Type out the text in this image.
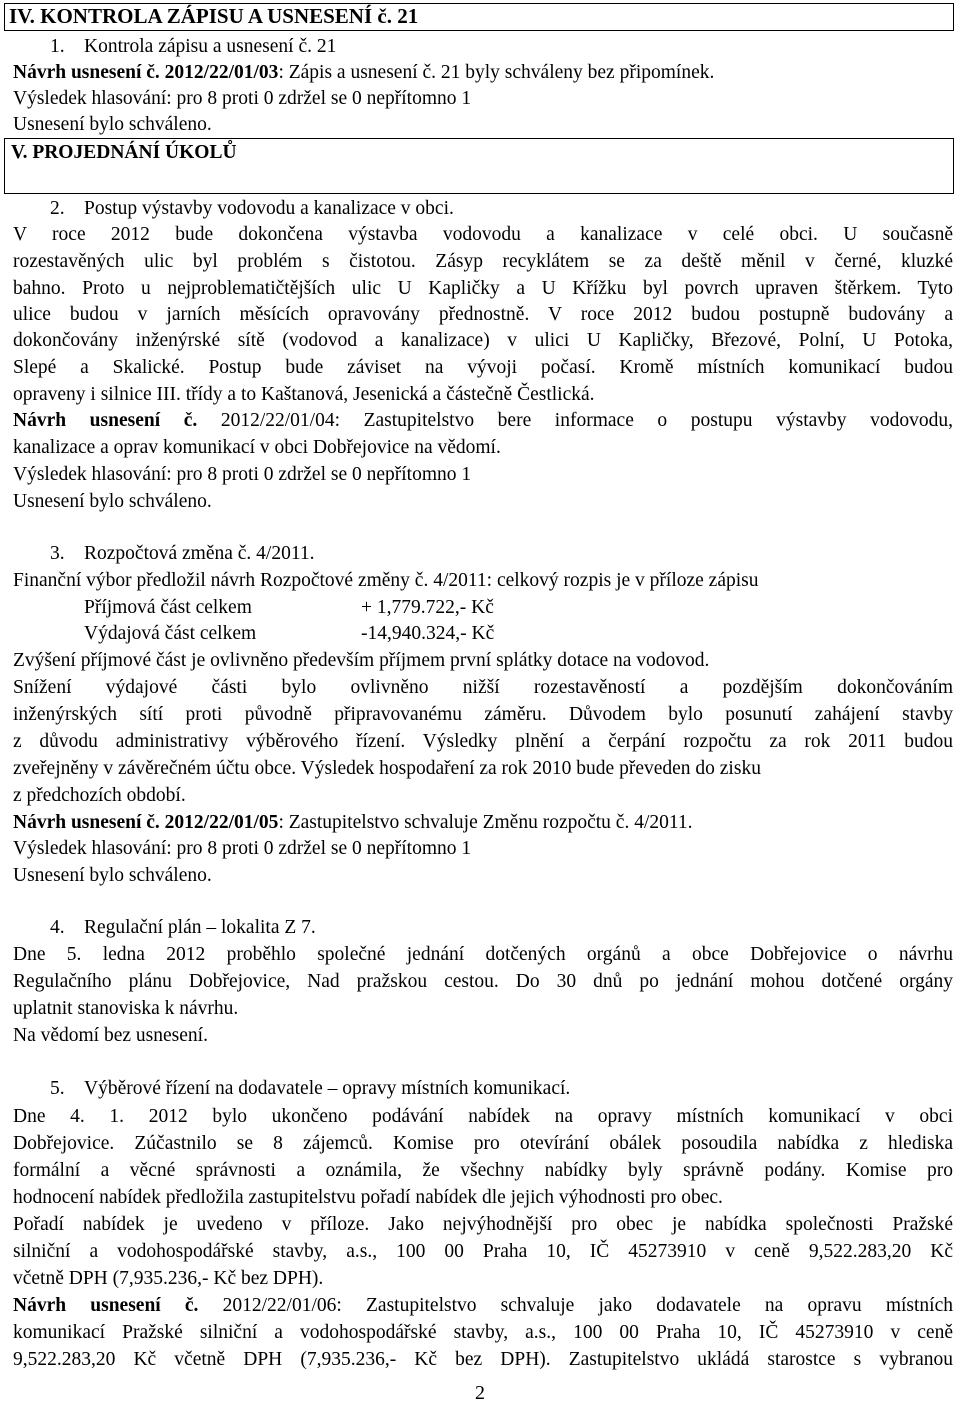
IV. KONTROLA ZÁPISU A USNESENÍ č. 21
1. Kontrola zápisu a usnesení č. 21
Návrh usnesení č. 2012/22/01/03: Zápis a usnesení č. 21 byly schváleny bez připomínek.
Výsledek hlasování: pro 8 proti 0 zdržel se 0 nepřítomno 1
Usnesení bylo schváleno.
V. PROJEDNÁNÍ ÚKOLŮ
2. Postup výstavby vodovodu a kanalizace v obci.
V roce 2012 bude dokončena výstavba vodovodu a kanalizace v celé obci. U současně
rozestavěných ulic byl problém s čistotou. Zásyp recyklátem se za deště měnil v černé, kluzké
bahno. Proto u nejproblematičtějších ulic U Kapličky a U Křížku byl povrch upraven štěrkem. Tyto
ulice budou v jarních měsících opravovány přednostně. V roce 2012 budou postupně budovány a
dokončovány inženýrské sítě (vodovod a kanalizace) v ulici U Kapličky, Březové, Polní, U Potoka,
Slepé a Skalické. Postup bude záviset na vývoji počasí. Kromě místních komunikací budou
opraveny i silnice III. třídy a to Kaštanová, Jesenická a částečně Čestlická.
Návrh usnesení č. 2012/22/01/04: Zastupitelstvo bere informace o postupu výstavby vodovodu,
kanalizace a oprav komunikací v obci Dobřejovice na vědomí.
Výsledek hlasování: pro 8 proti 0 zdržel se 0 nepřítomno 1
Usnesení bylo schváleno.
3. Rozpočtová změna č. 4/2011.
Finanční výbor předložil návrh Rozpočtové změny č. 4/2011: celkový rozpis je v příloze zápisu
Příjmová část celkem	+ 1,779.722,- Kč
Výdajová část celkem	-14,940.324,- Kč
Zvýšení příjmové část je ovlivněno především příjmem první splátky dotace na vodovod.
Snížení výdajové části bylo ovlivněno nižší rozestavěností a pozdějším dokončováním
inženýrských sítí proti původně připravovanému záměru. Důvodem bylo posunutí zahájení stavby
z důvodu administrativy výběrového řízení. Výsledky plnění a čerpání rozpočtu za rok 2011 budou
zveřejněny v závěrečném účtu obce. Výsledek hospodaření za rok 2010 bude převeden do zisku
z předchozích období.
Návrh usnesení č. 2012/22/01/05: Zastupitelstvo schvaluje Změnu rozpočtu č. 4/2011.
Výsledek hlasování: pro 8 proti 0 zdržel se 0 nepřítomno 1
Usnesení bylo schváleno.
4. Regulační plán – lokalita Z 7.
Dne 5. ledna 2012 proběhlo společné jednání dotčených orgánů a obce Dobřejovice o návrhu
Regulačního plánu Dobřejovice, Nad pražskou cestou. Do 30 dnů po jednání mohou dotčené orgány
uplatnit stanoviska k návrhu.
Na vědomí bez usnesení.
5. Výběrové řízení na dodavatele – opravy místních komunikací.
Dne 4. 1. 2012 bylo ukončeno podávání nabídek na opravy místních komunikací v obci
Dobřejovice. Zúčastnilo se 8 zájemců. Komise pro otevírání obálek posoudila nabídka z hlediska
formální a věcné správnosti a oznámila, že všechny nabídky byly správně podány. Komise pro
hodnocení nabídek předložila zastupitelstvu pořadí nabídek dle jejich výhodnosti pro obec.
Pořadí nabídek je uvedeno v příloze. Jako nejvýhodnější pro obec je nabídka společnosti Pražské
silniční a vodohospodářské stavby, a.s., 100 00 Praha 10, IČ 45273910 v ceně 9,522.283,20 Kč
včetně DPH (7,935.236,- Kč bez DPH).
Návrh usnesení č. 2012/22/01/06: Zastupitelstvo schvaluje jako dodavatele na opravu místních
komunikací Pražské silniční a vodohospodářské stavby, a.s., 100 00 Praha 10, IČ 45273910 v ceně
9,522.283,20 Kč včetně DPH (7,935.236,- Kč bez DPH). Zastupitelstvo ukládá starostce s vybranou
2
